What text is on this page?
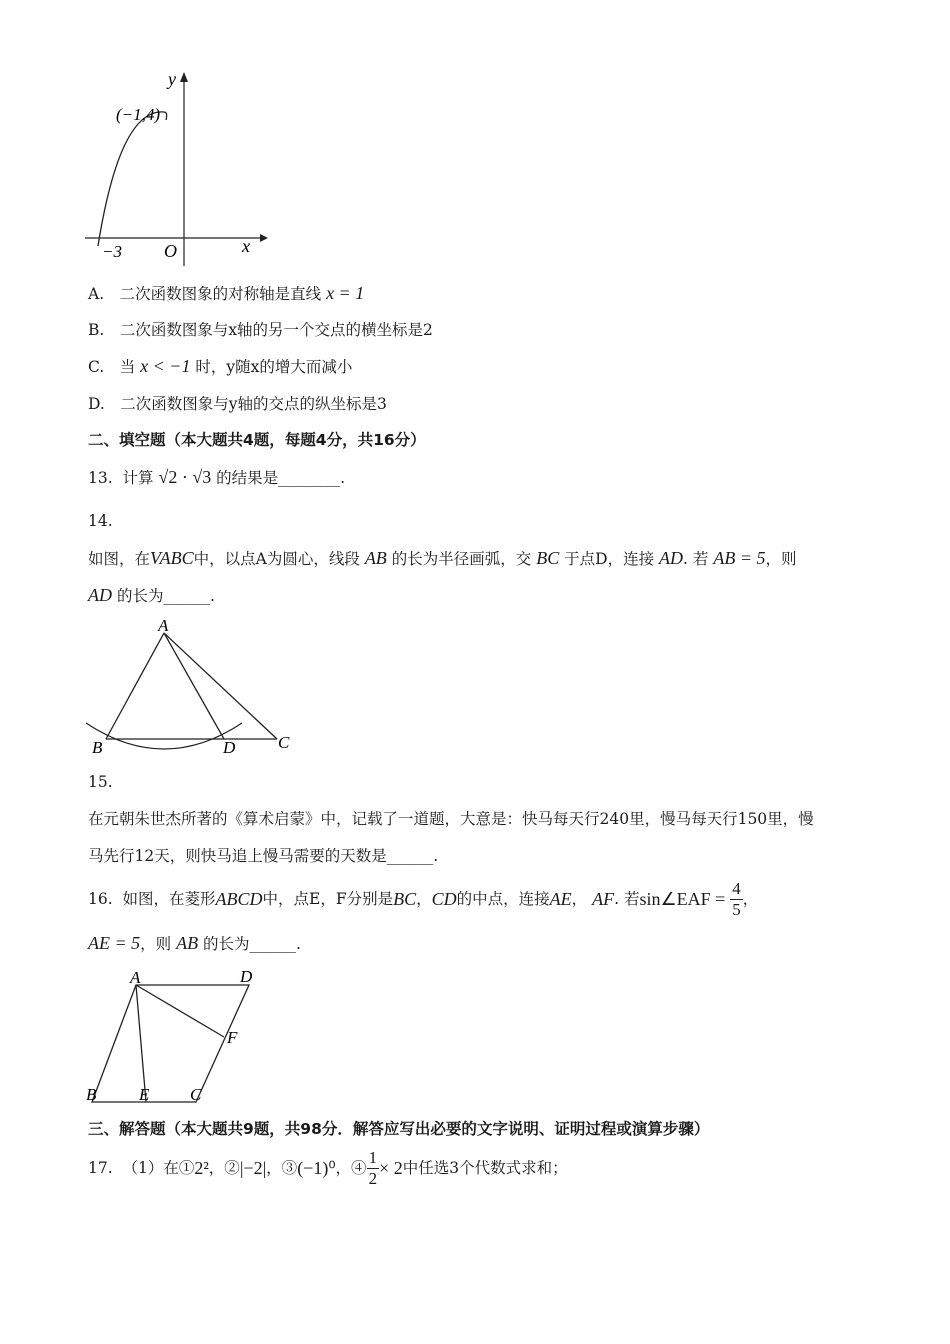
y
x
O
−3
(−1,4)
A.　二次函数图象的对称轴是直线 x = 1
B.　二次函数图象与x轴的另一个交点的横坐标是2
C.　当 x < −1 时，y随x的增大而减小
D.　二次函数图象与y轴的交点的纵坐标是3
二、填空题（本大题共4题，每题4分，共16分）
13. 计算 √2 · √3 的结果是________.
14.
如图，在VABC中，以点A为圆心，线段 AB 的长为半径画弧，交 BC 于点D，连接 AD. 若 AB = 5，则
AD 的长为______.
A
B	D	C
15.
在元朝朱世杰所著的《算术启蒙》中，记载了一道题，大意是：快马每天行240里，慢马每天行150里，慢
马先行12天，则快马追上慢马需要的天数是______.
16.
如图，在菱形 ABCD 中，点E，F分别是 BC ， CD 的中点，连接 AE ，
AF . 若 sin∠EAF =
$\frac{4}{5}$ ，
AE = 5，则 AB 的长为______.
A	D
F
B	E C
三、解答题（本大题共9题，共98分．解答应写出必要的文字说明、证明过程或演算步骤）
17.
（1）在① 2² ，② |−2| ，③ (−1)⁰ ，④ $\frac{1}{2} \times 2$ 中任选3个代数式求和；
